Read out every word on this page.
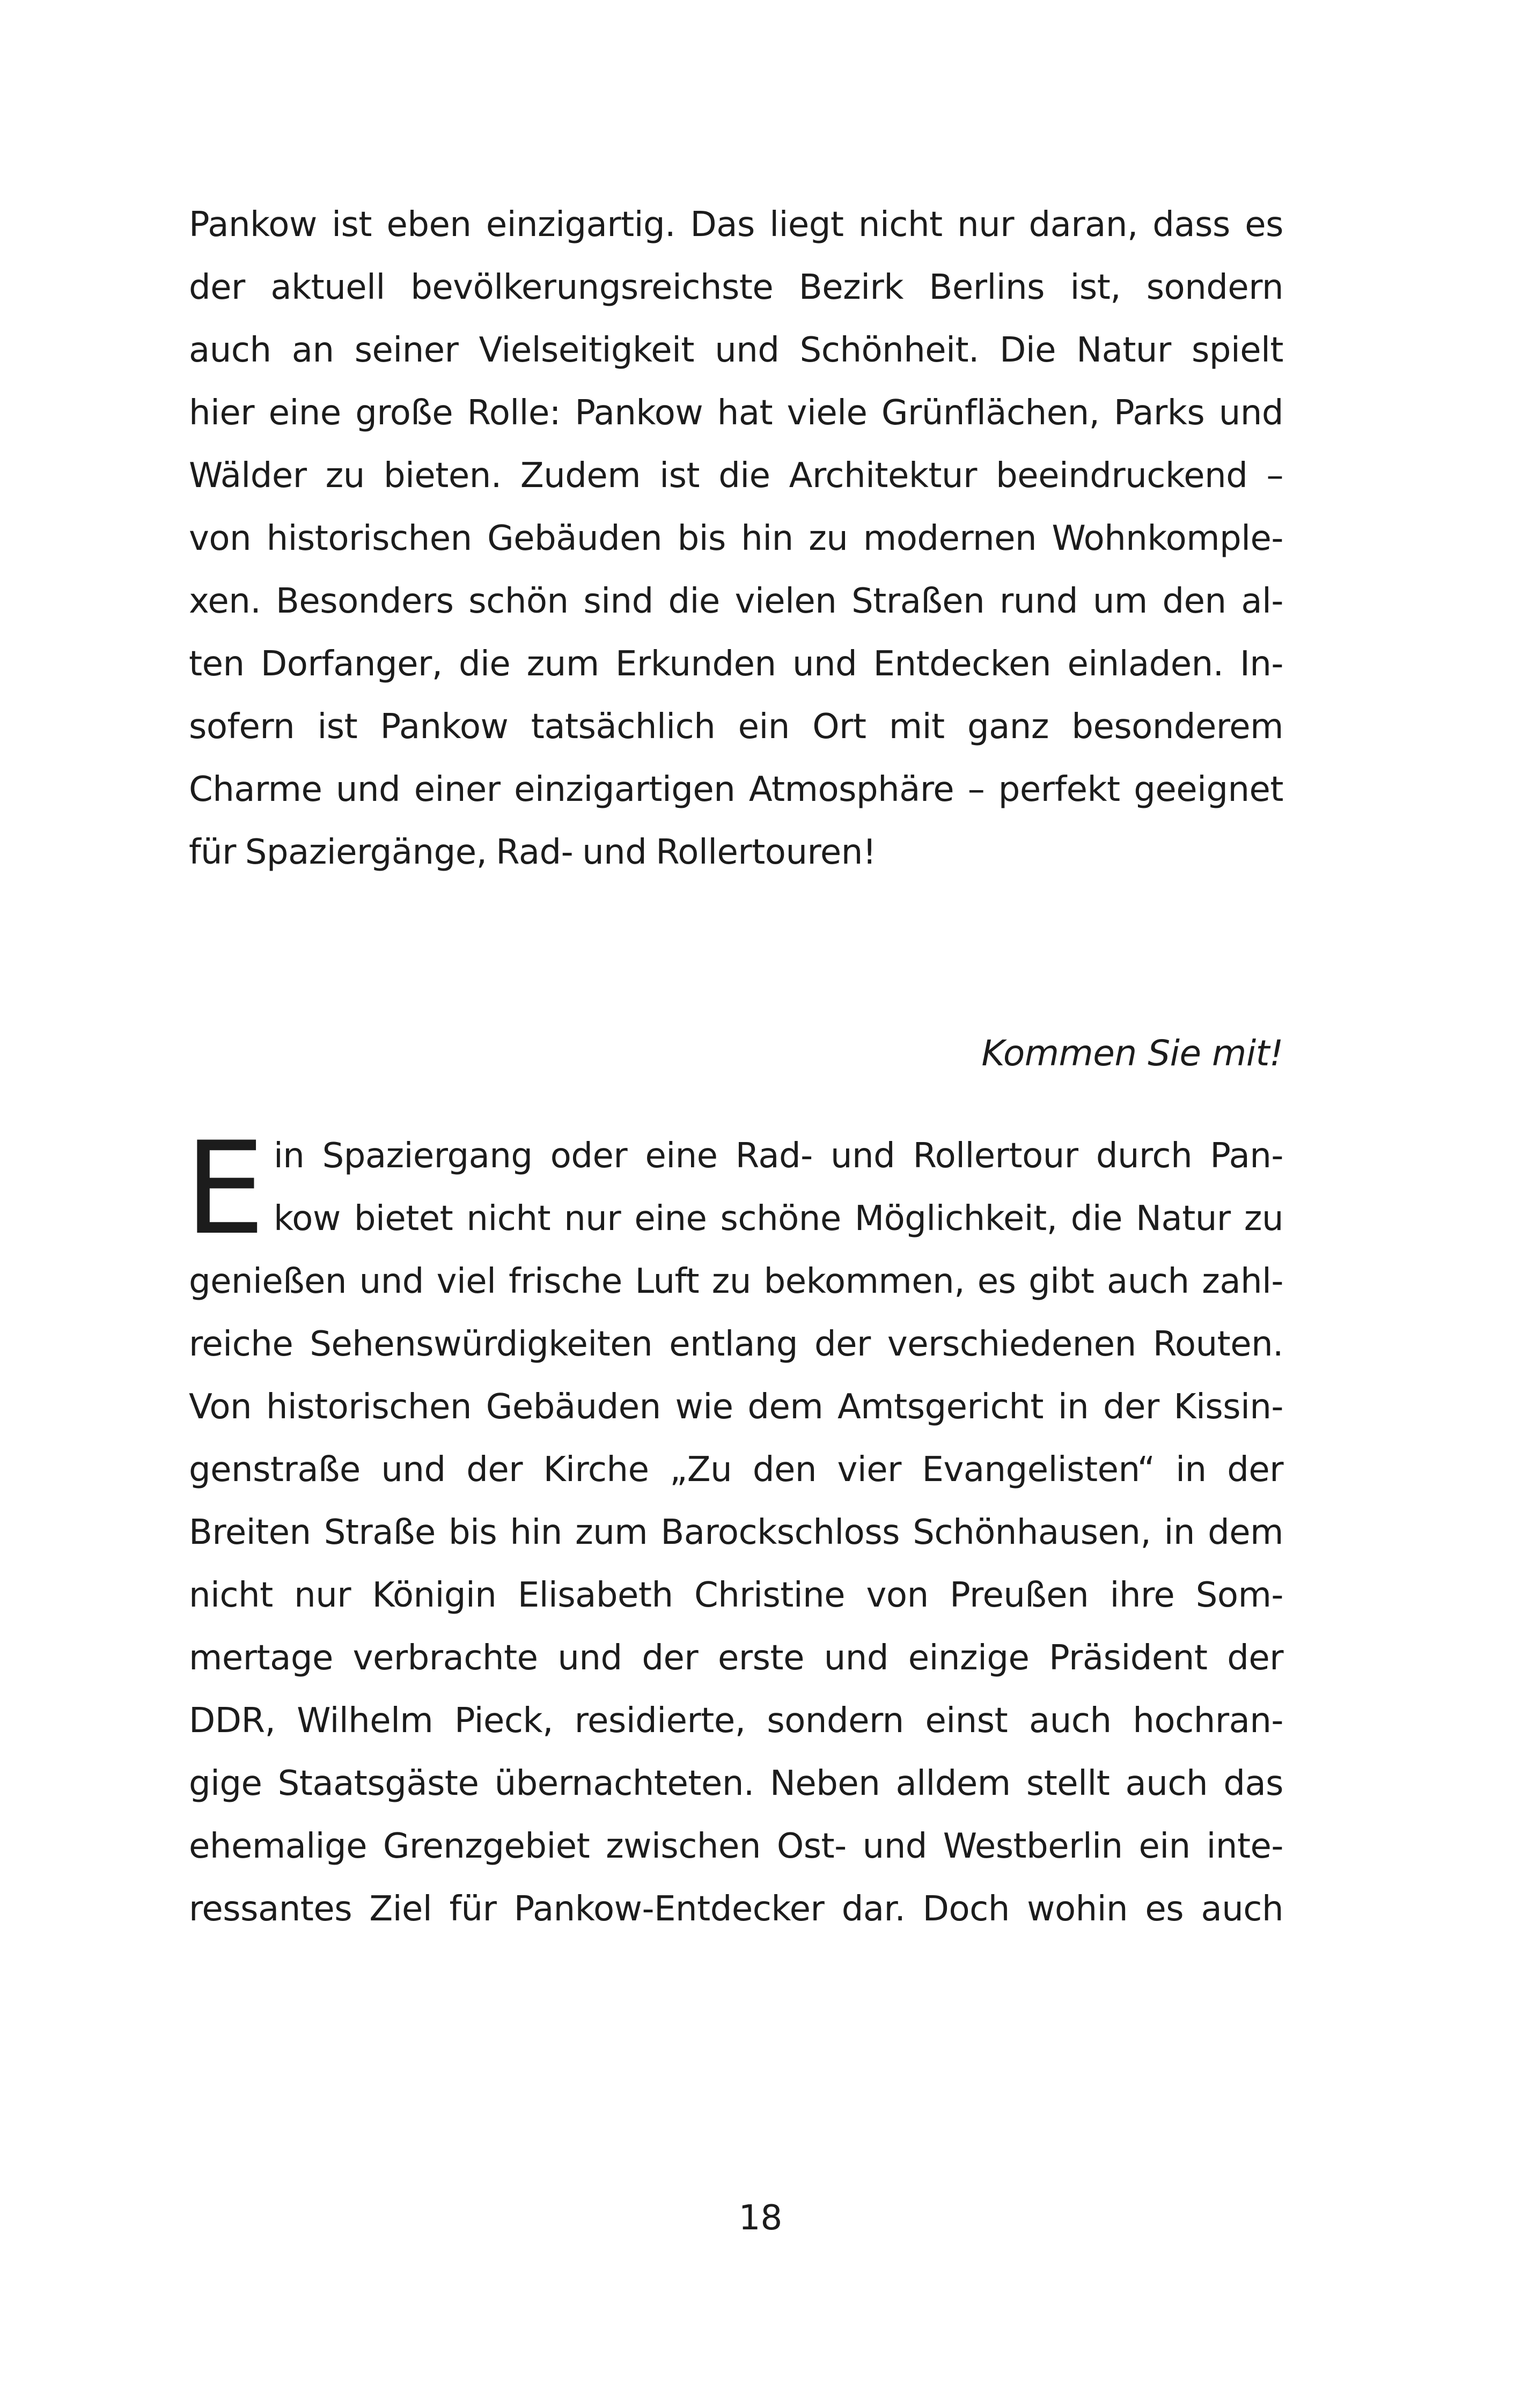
Pankow ist eben einzigartig. Das liegt nicht nur daran, dass es
der aktuell bevölkerungsreichste Bezirk Berlins ist, sondern
auch an seiner Vielseitigkeit und Schönheit. Die Natur spielt
hier eine große Rolle: Pankow hat viele Grünflächen, Parks und
Wälder zu bieten. Zudem ist die Architektur beeindruckend –
von historischen Gebäuden bis hin zu modernen Wohnkomple-
xen. Besonders schön sind die vielen Straßen rund um den al-
ten Dorfanger, die zum Erkunden und Entdecken einladen. In-
sofern ist Pankow tatsächlich ein Ort mit ganz besonderem
Charme und einer einzigartigen Atmosphäre – perfekt geeignet
für Spaziergänge, Rad- und Rollertouren!
Kommen Sie mit!
E in Spaziergang oder eine Rad- und Rollertour durch Pan-
kow bietet nicht nur eine schöne Möglichkeit, die Natur zu
genießen und viel frische Luft zu bekommen, es gibt auch zahl-
reiche Sehenswürdigkeiten entlang der verschiedenen Routen.
Von historischen Gebäuden wie dem Amtsgericht in der Kissin-
genstraße und der Kirche „Zu den vier Evangelisten“ in der
Breiten Straße bis hin zum Barockschloss Schönhausen, in dem
nicht nur Königin Elisabeth Christine von Preußen ihre Som-
mertage verbrachte und der erste und einzige Präsident der
DDR, Wilhelm Pieck, residierte, sondern einst auch hochran-
gige Staatsgäste übernachteten. Neben alldem stellt auch das
ehemalige Grenzgebiet zwischen Ost- und Westberlin ein inte-
ressantes Ziel für Pankow-Entdecker dar. Doch wohin es auch
18
